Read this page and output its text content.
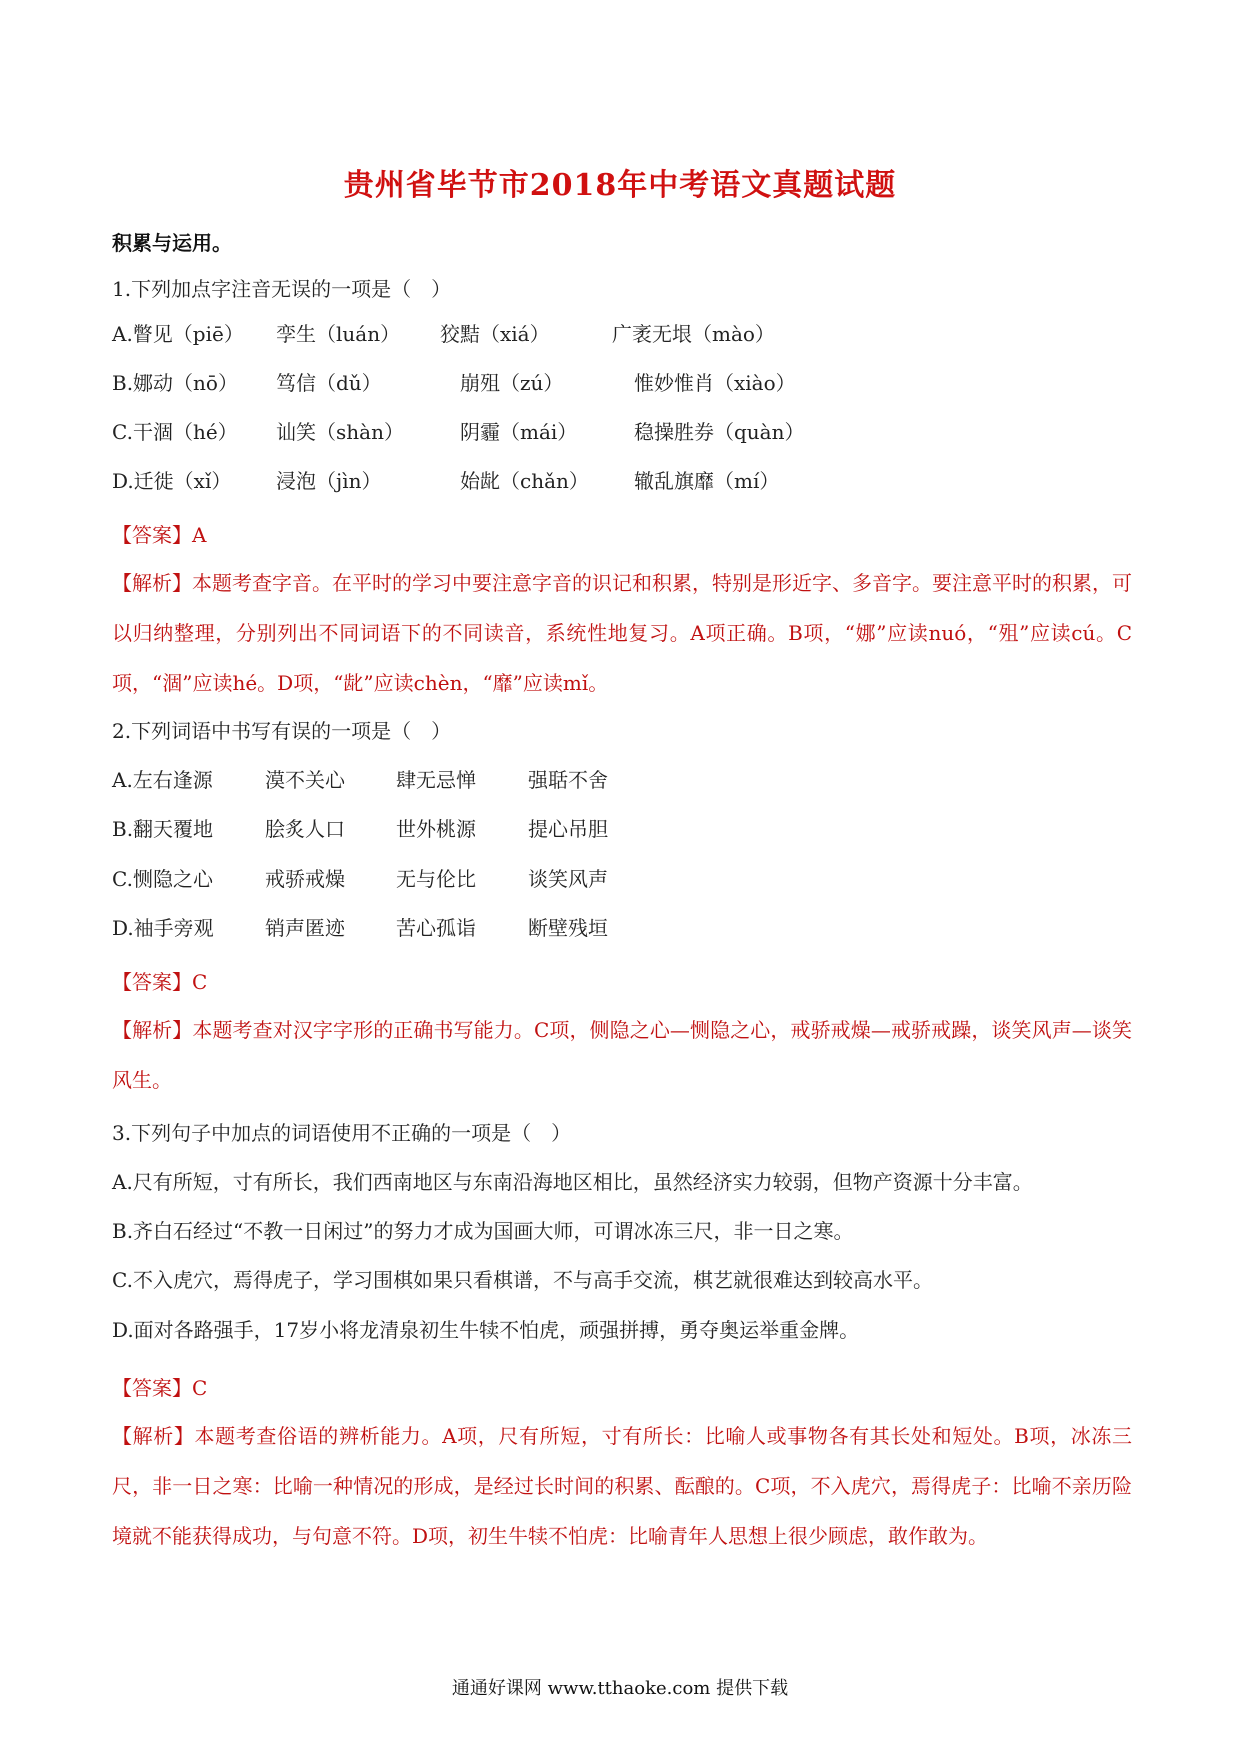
贵州省毕节市2018年中考语文真题试题
积累与运用。
1.下列加点字注音无误的一项是（　）
A.瞥见（piē） 孪生（luán） 狡黠（xiá）	广袤无垠（mào）
B.娜动（nō） 笃信（dǔ）	崩殂（zú）	惟妙惟肖（xiào）
C.干涸（hé） 讪笑（shàn）	阴霾（mái）	稳操胜券（quàn）
D.迁徙（xǐ） 浸泡（jìn）	始龀（chǎn） 辙乱旗靡（mí）
【答案】A
【解析】本题考查字音。在平时的学习中要注意字音的识记和积累，特别是形近字、多音字。要注意平时的积累，可以归纳整理，分别列出不同词语下的不同读音，系统性地复习。A项正确。B项，“娜”应读nuó，“殂”应读cú。C项，“涸”应读hé。D项，“龀”应读chèn，“靡”应读mǐ。
2.下列词语中书写有误的一项是（　）
A.左右逢源	漠不关心	肆无忌惮	强聒不舍
B.翻天覆地	脍炙人口	世外桃源	提心吊胆
C.恻隐之心	戒骄戒燥	无与伦比	谈笑风声
D.袖手旁观	销声匿迹	苦心孤诣	断壁残垣
【答案】C
【解析】本题考查对汉字字形的正确书写能力。C项，侧隐之心—恻隐之心，戒骄戒燥—戒骄戒躁，谈笑风声—谈笑风生。
3.下列句子中加点的词语使用不正确的一项是（　）
A.尺有所短，寸有所长，我们西南地区与东南沿海地区相比，虽然经济实力较弱，但物产资源十分丰富。
B.齐白石经过“不教一日闲过”的努力才成为国画大师，可谓冰冻三尺，非一日之寒。
C.不入虎穴，焉得虎子，学习围棋如果只看棋谱，不与高手交流，棋艺就很难达到较高水平。
D.面对各路强手，17岁小将龙清泉初生牛犊不怕虎，顽强拼搏，勇夺奥运举重金牌。
【答案】C
【解析】本题考查俗语的辨析能力。A项，尺有所短，寸有所长：比喻人或事物各有其长处和短处。B项，冰冻三尺，非一日之寒：比喻一种情况的形成，是经过长时间的积累、酝酿的。C项，不入虎穴，焉得虎子：比喻不亲历险境就不能获得成功，与句意不符。D项，初生牛犊不怕虎：比喻青年人思想上很少顾虑，敢作敢为。
通通好课网 www.tthaoke.com 提供下载
